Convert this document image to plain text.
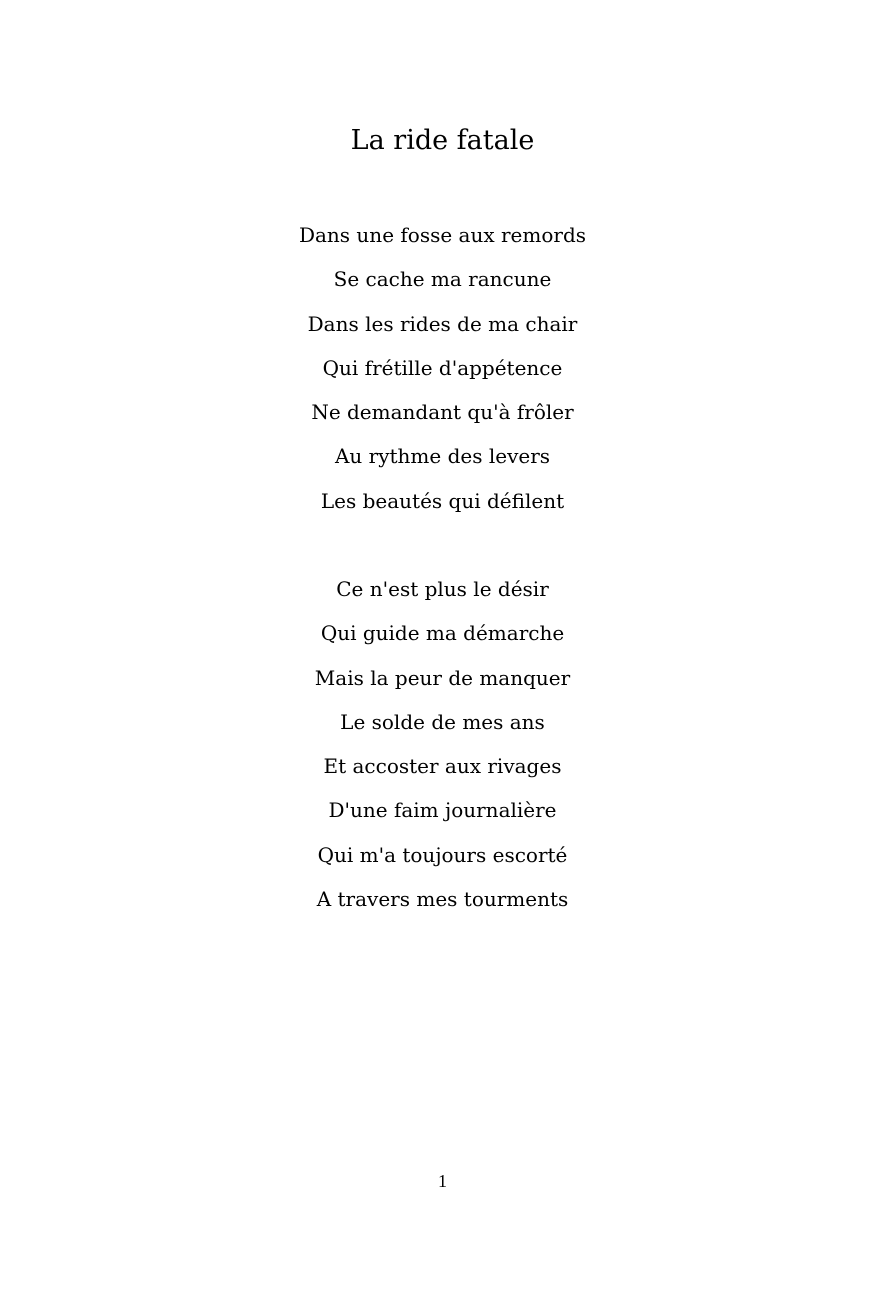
La ride fatale
Dans une fosse aux remords
Se cache ma rancune
Dans les rides de ma chair
Qui frétille d'appétence
Ne demandant qu'à frôler
Au rythme des levers
Les beautés qui défilent
Ce n'est plus le désir
Qui guide ma démarche
Mais la peur de manquer
Le solde de mes ans
Et accoster aux rivages
D'une faim journalière
Qui m'a toujours escorté
A travers mes tourments
1
